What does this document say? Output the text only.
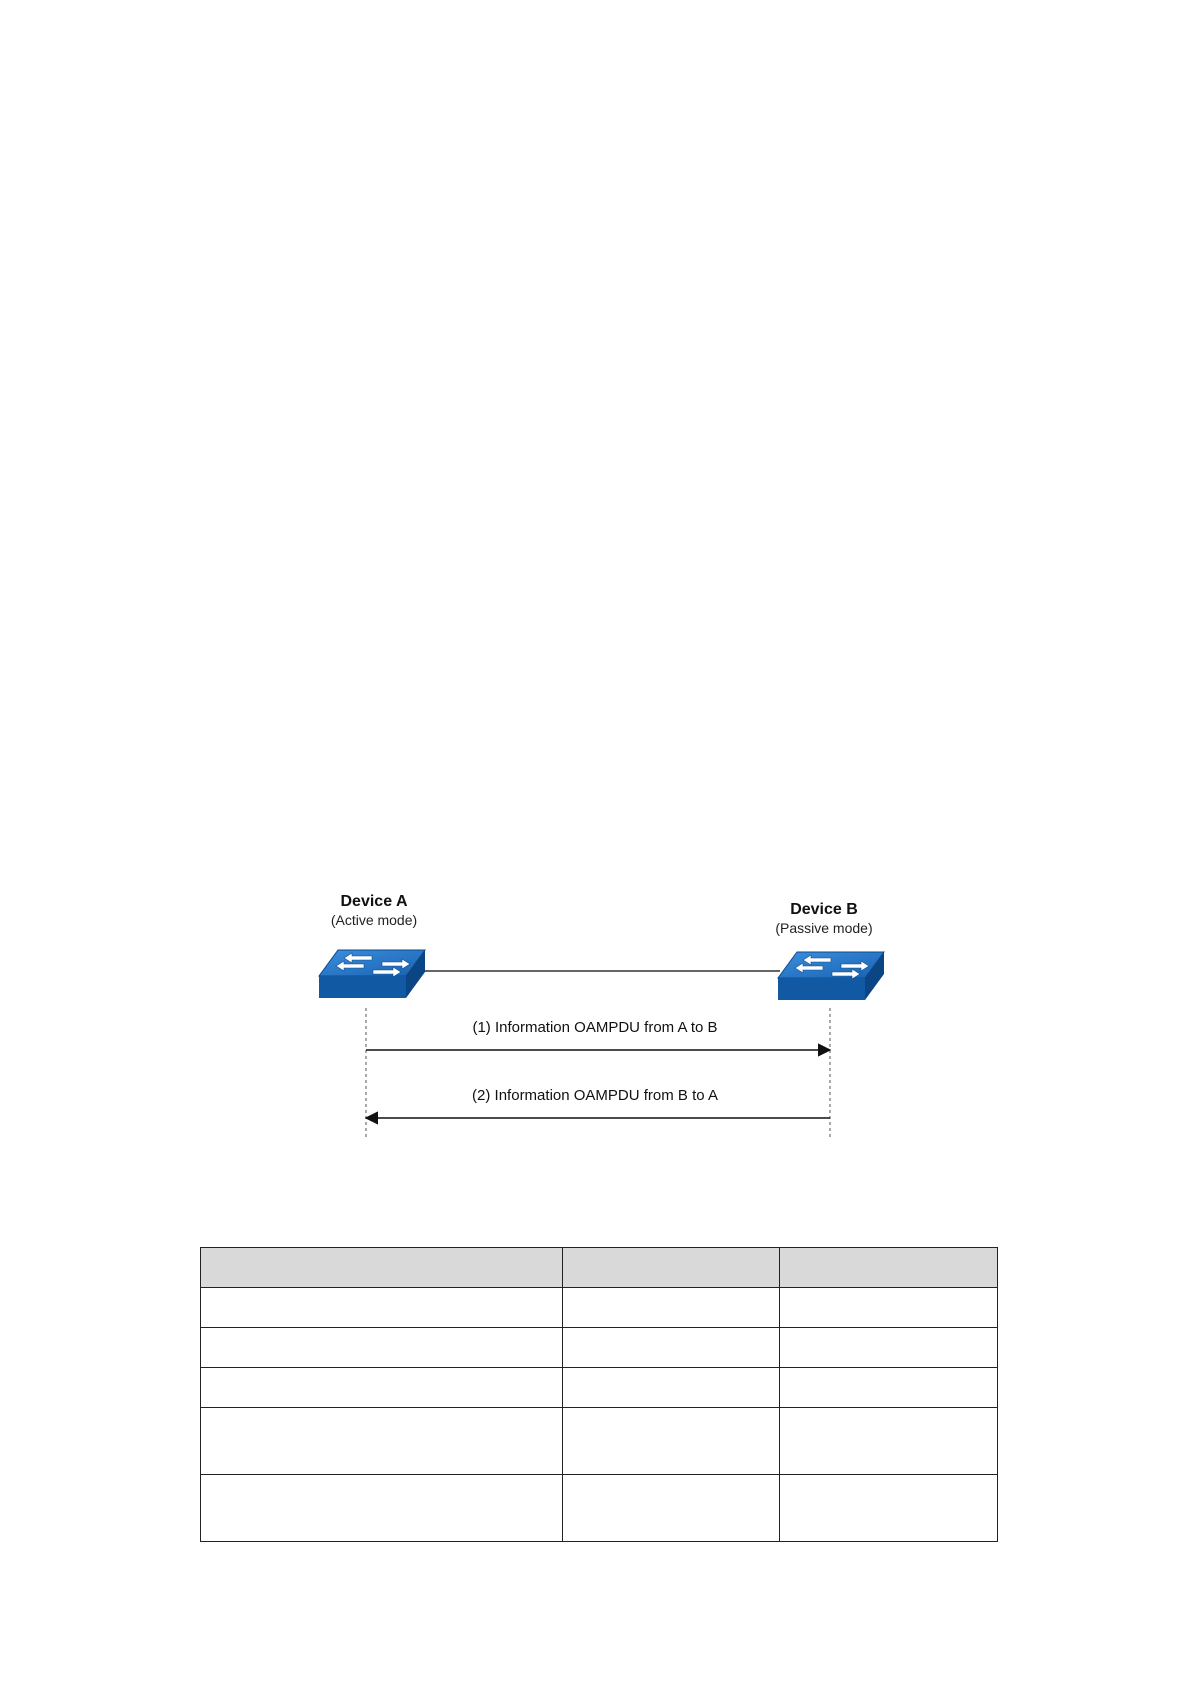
Device A
(Active mode)
Device B
(Passive mode)
(1) Information OAMPDU from A to B
(2) Information OAMPDU from B to A
